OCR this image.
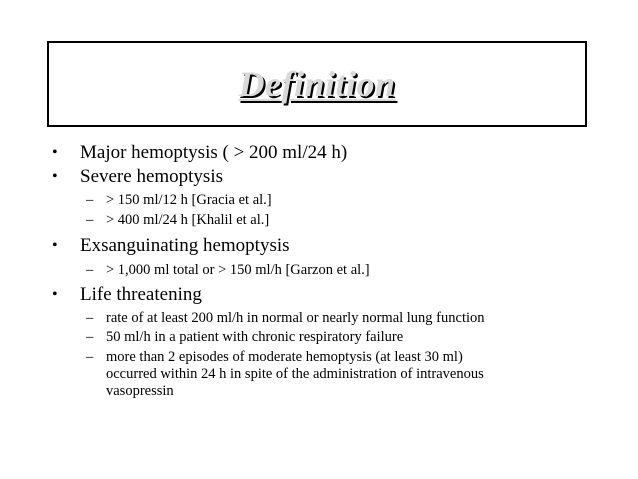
Definition
• Major hemoptysis ( > 200 ml/24 h)
• Severe hemoptysis
– > 150 ml/12 h [Gracia et al.]
– > 400 ml/24 h [Khalil et al.]
• Exsanguinating hemoptysis
– > 1,000 ml total or > 150 ml/h [Garzon et al.]
• Life threatening
– rate of at least 200 ml/h in normal or nearly normal lung function
– 50 ml/h in a patient with chronic respiratory failure
– more than 2 episodes of moderate hemoptysis (at least 30 ml)
occurred within 24 h in spite of the administration of intravenous
vasopressin
